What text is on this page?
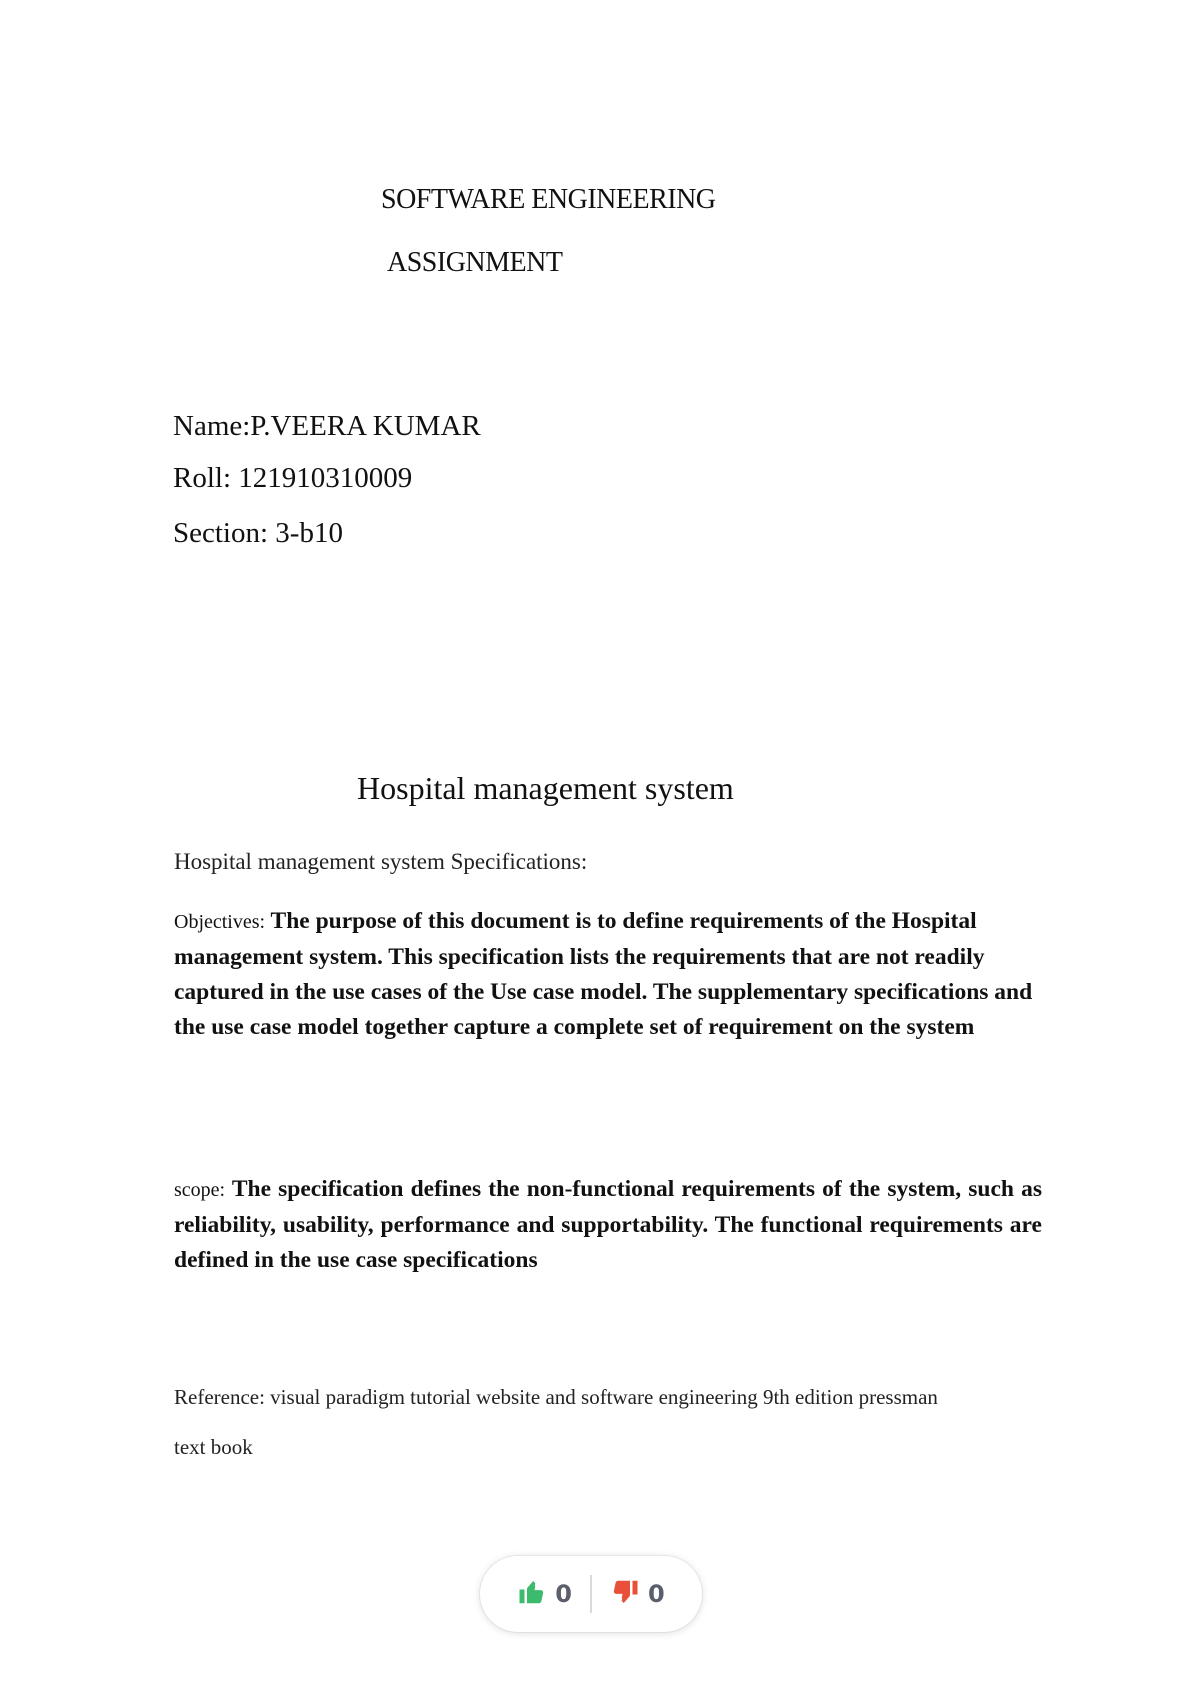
SOFTWARE ENGINEERING
ASSIGNMENT
Name:P.VEERA KUMAR
Roll: 121910310009
Section: 3-b10
Hospital management system
Hospital management system Specifications:
Objectives: The purpose of this document is to define requirements of the Hospital management system. This specification lists the requirements that are not readily captured in the use cases of the Use case model. The supplementary specifications and the use case model together capture a complete set of requirement on the system
scope: The specification defines the non-functional requirements of the system, such as reliability, usability, performance and supportability. The functional requirements are defined in the use case specifications
Reference: visual paradigm tutorial website and software engineering 9th edition pressman
text book
0	0
